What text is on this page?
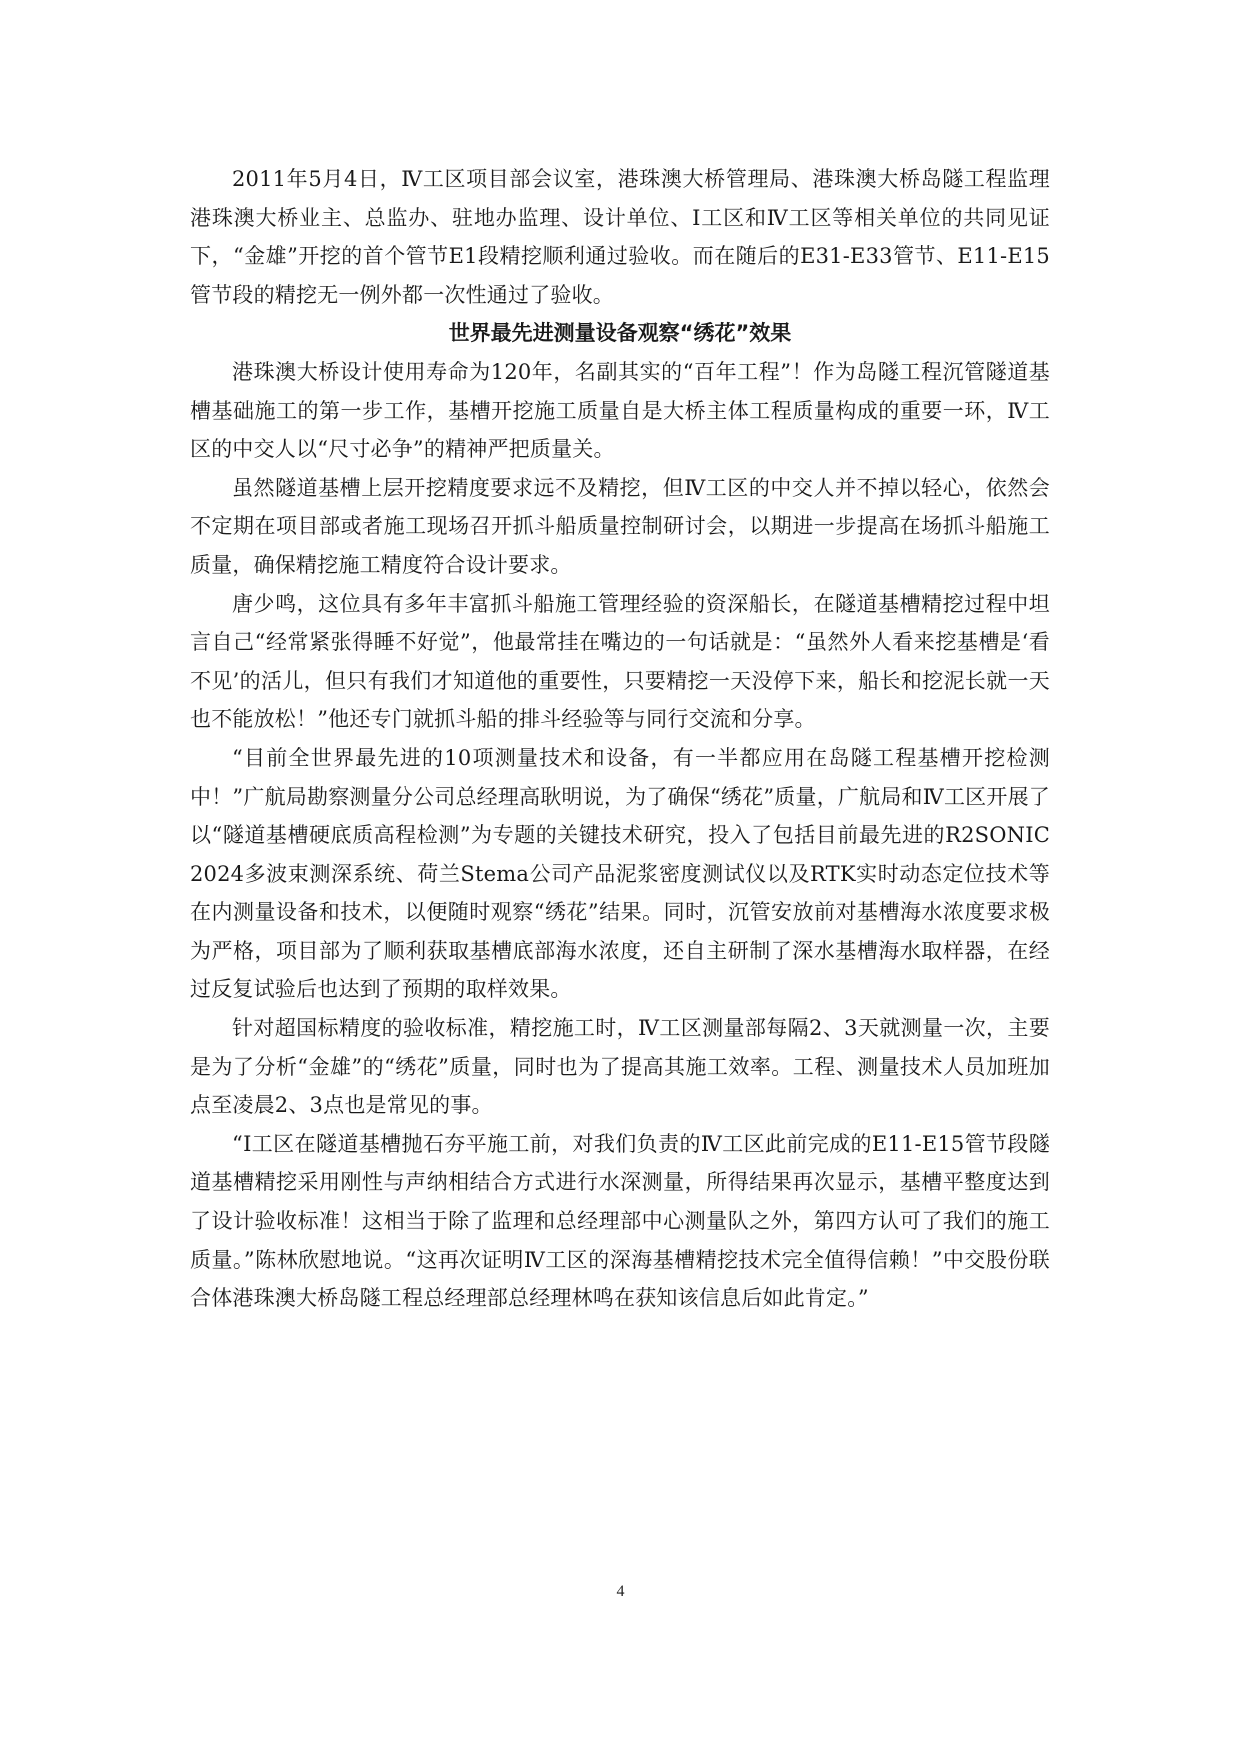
2011年5月4日，Ⅳ工区项目部会议室，港珠澳大桥管理局、港珠澳大桥岛隧工程监理港珠澳大桥业主、总监办、驻地办监理、设计单位、Ⅰ工区和Ⅳ工区等相关单位的共同见证下，“金雄”开挖的首个管节E1段精挖顺利通过验收。而在随后的E31-E33管节、E11-E15管节段的精挖无一例外都一次性通过了验收。

世界最先进测量设备观察“绣花”效果

港珠澳大桥设计使用寿命为120年，名副其实的“百年工程”！作为岛隧工程沉管隧道基槽基础施工的第一步工作，基槽开挖施工质量自是大桥主体工程质量构成的重要一环，Ⅳ工区的中交人以“尺寸必争”的精神严把质量关。

虽然隧道基槽上层开挖精度要求远不及精挖，但Ⅳ工区的中交人并不掉以轻心，依然会不定期在项目部或者施工现场召开抓斗船质量控制研讨会，以期进一步提高在场抓斗船施工质量，确保精挖施工精度符合设计要求。

唐少鸣，这位具有多年丰富抓斗船施工管理经验的资深船长，在隧道基槽精挖过程中坦言自己“经常紧张得睡不好觉”，他最常挂在嘴边的一句话就是：“虽然外人看来挖基槽是‘看不见’的活儿，但只有我们才知道他的重要性，只要精挖一天没停下来，船长和挖泥长就一天也不能放松！”他还专门就抓斗船的排斗经验等与同行交流和分享。

“目前全世界最先进的10项测量技术和设备，有一半都应用在岛隧工程基槽开挖检测中！”广航局勘察测量分公司总经理高耿明说，为了确保“绣花”质量，广航局和Ⅳ工区开展了以“隧道基槽硬底质高程检测”为专题的关键技术研究，投入了包括目前最先进的R2SONIC2024多波束测深系统、荷兰Stema公司产品泥浆密度测试仪以及RTK实时动态定位技术等在内测量设备和技术，以便随时观察“绣花”结果。同时，沉管安放前对基槽海水浓度要求极为严格，项目部为了顺利获取基槽底部海水浓度，还自主研制了深水基槽海水取样器，在经过反复试验后也达到了预期的取样效果。

针对超国标精度的验收标准，精挖施工时，Ⅳ工区测量部每隔2、3天就测量一次，主要是为了分析“金雄”的“绣花”质量，同时也为了提高其施工效率。工程、测量技术人员加班加点至凌晨2、3点也是常见的事。

“Ⅰ工区在隧道基槽抛石夯平施工前，对我们负责的Ⅳ工区此前完成的E11-E15管节段隧道基槽精挖采用刚性与声纳相结合方式进行水深测量，所得结果再次显示，基槽平整度达到了设计验收标准！这相当于除了监理和总经理部中心测量队之外，第四方认可了我们的施工质量。”陈林欣慰地说。“这再次证明Ⅳ工区的深海基槽精挖技术完全值得信赖！”中交股份联合体港珠澳大桥岛隧工程总经理部总经理林鸣在获知该信息后如此肯定。”

4
